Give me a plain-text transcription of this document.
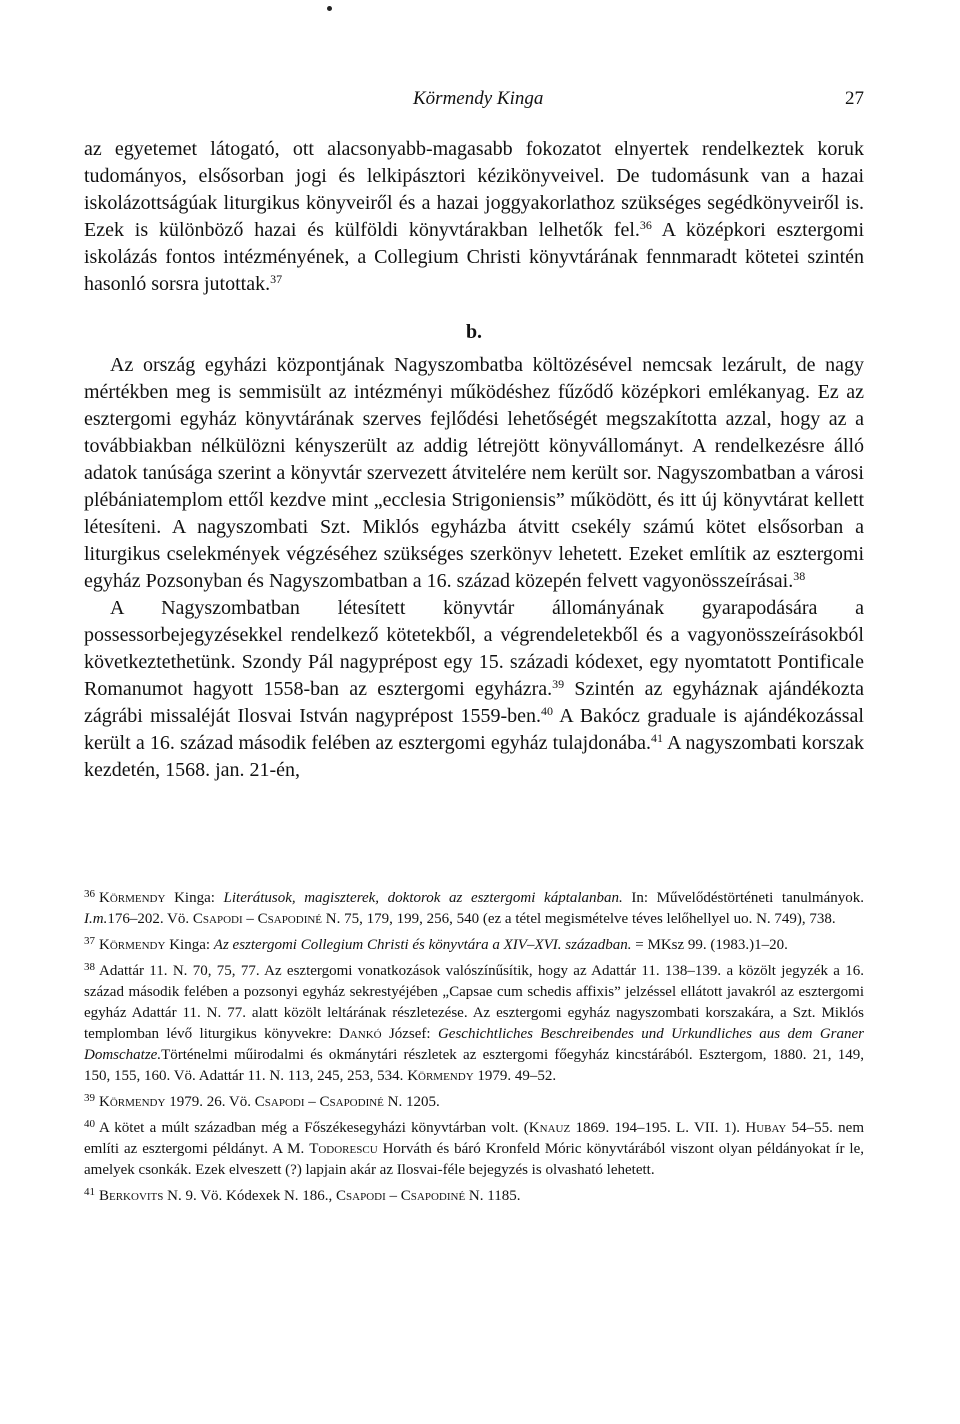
Körmendy Kinga	27

az egyetemet látogató, ott alacsonyabb-magasabb fokozatot elnyertek rendelkeztek koruk tudományos, elsősorban jogi és lelkipásztori kézikönyveivel. De tudomásunk van a hazai iskolázottságúak liturgikus könyveiről és a hazai joggyakorlathoz szükséges segédkönyveiről is. Ezek is különböző hazai és külföldi könyvtárakban lelhetők fel.$^{36}$ A középkori esztergomi iskolázás fontos intézményének, a Collegium Christi könyvtárának fennmaradt kötetei szintén hasonló sorsra jutottak.$^{37}$

b.

Az ország egyházi központjának Nagyszombatba költözésével nemcsak lezárult, de nagy mértékben meg is semmisült az intézményi működéshez fűződő középkori emlékanyag. Ez az esztergomi egyház könyvtárának szerves fejlődési lehetőségét megszakította azzal, hogy az a továbbiakban nélkülözni kényszerült az addig létrejött könyvállományt. A rendelkezésre álló adatok tanúsága szerint a könyvtár szervezett átvitelére nem került sor. Nagyszombatban a városi plébániatemplom ettől kezdve mint „ecclesia Strigoniensis” működött, és itt új könyvtárat kellett létesíteni. A nagyszombati Szt. Miklós egyházba átvitt csekély számú kötet elsősorban a liturgikus cselekmények végzéséhez szükséges szerkönyv lehetett. Ezeket említik az esztergomi egyház Pozsonyban és Nagyszombatban a 16. század közepén felvett vagyonösszeírásai.$^{38}$

A Nagyszombatban létesített könyvtár állományának gyarapodására a possessorbejegyzésekkel rendelkező kötetekből, a végrendeletekből és a vagyonösszeírásokból következtethetünk. Szondy Pál nagyprépost egy 15. századi kódexet, egy nyomtatott Pontificale Romanumot hagyott 1558-ban az esztergomi egyházra.$^{39}$ Szintén az egyháznak ajándékozta zágrábi missaléját Ilosvai István nagyprépost 1559-ben.$^{40}$ A Bakócz graduale is ajándékozással került a 16. század második felében az esztergomi egyház tulajdonába.$^{41}$ A nagyszombati korszak kezdetén, 1568. jan. 21-én,

$^{36}$ Körmendy Kinga: Literátusok, magiszterek, doktorok az esztergomi káptalanban. In: Művelődéstörténeti tanulmányok. I.m.176–202. Vö. Csapodi – Csapodiné N. 75, 179, 199, 256, 540 (ez a tétel megismételve téves lelőhellyel uo. N. 749), 738.

$^{37}$ Körmendy Kinga: Az esztergomi Collegium Christi és könyvtára a XIV–XVI. században. = MKsz 99. (1983.)1–20.

$^{38}$ Adattár 11. N. 70, 75, 77. Az esztergomi vonatkozások valószínűsítik, hogy az Adattár 11. 138–139. a közölt jegyzék a 16. század második felében a pozsonyi egyház sekrestyéjében „Capsae cum schedis affixis” jelzéssel ellátott javakról az esztergomi egyház Adattár 11. N. 77. alatt közölt leltárának részletezése. Az esztergomi egyház nagyszombati korszakára, a Szt. Miklós templomban lévő liturgikus könyvekre: Dankó József: Geschichtliches Beschreibendes und Urkundliches aus dem Graner Domschatze.Történelmi műirodalmi és okmánytári részletek az esztergomi főegyház kincstárából. Esztergom, 1880. 21, 149, 150, 155, 160. Vö. Adattár 11. N. 113, 245, 253, 534. Körmendy 1979. 49–52.

$^{39}$ Körmendy 1979. 26. Vö. Csapodi – Csapodiné N. 1205.

$^{40}$ A kötet a múlt században még a Főszékesegyházi könyvtárban volt. (Knauz 1869. 194–195. L. VII. 1). Hubay 54–55. nem említi az esztergomi példányt. A M. Todorescu Horváth és báró Kronfeld Móric könyvtárából viszont olyan példányokat ír le, amelyek csonkák. Ezek elveszett (?) lapjain akár az Ilosvai-féle bejegyzés is olvasható lehetett.

$^{41}$ Berkovits N. 9. Vö. Kódexek N. 186., Csapodi – Csapodiné N. 1185.
